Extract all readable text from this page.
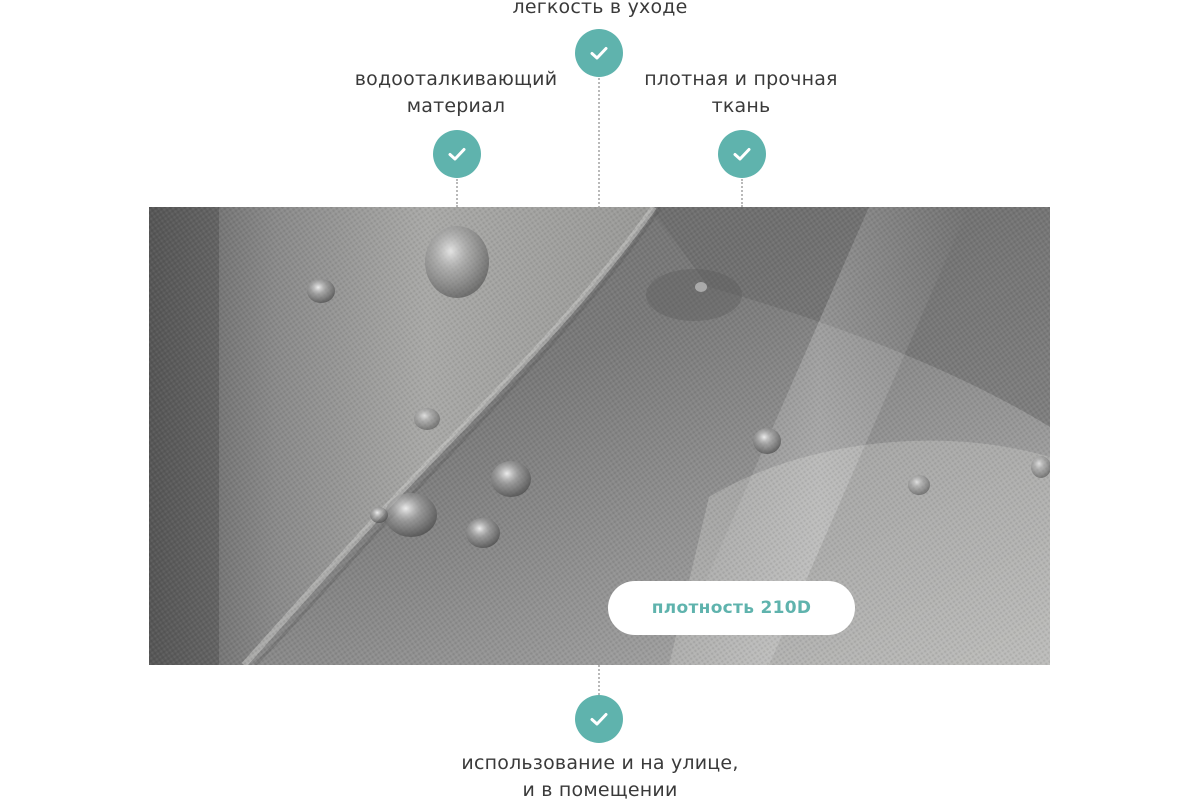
легкость в уходе
водооталкивающий
материал
плотная и прочная
ткань
плотность 210D
использование и на улице,
и в помещении
